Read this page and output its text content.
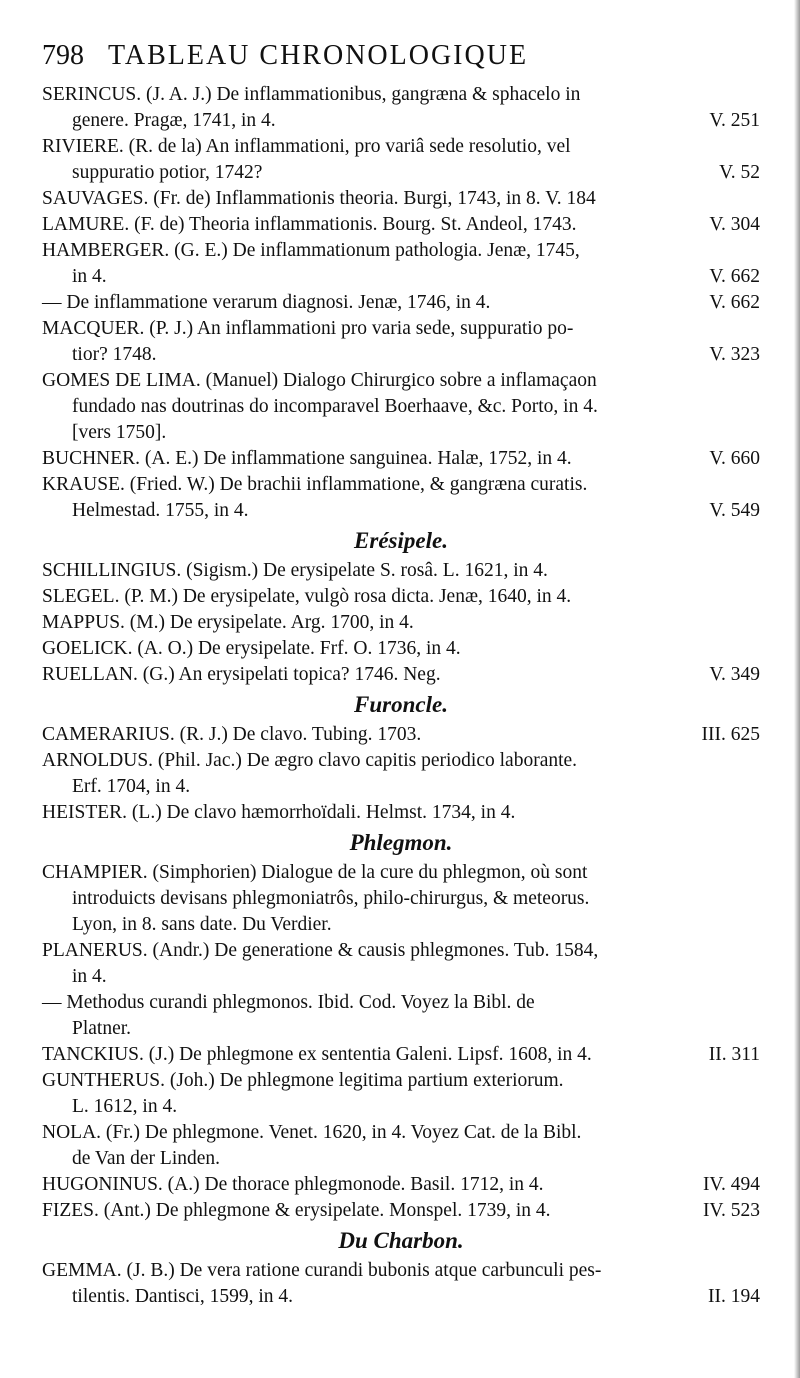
798 TABLEAU CHRONOLOGIQUE
SERINCUS. (J. A. J.) De inflammationibus, gangræna & sphacelo in
genere. Pragæ, 1741, in 4.	V. 251
RIVIERE. (R. de la) An inflammationi, pro variâ sede resolutio, vel
suppuratio potior, 1742?	V. 52
SAUVAGES. (Fr. de) Inflammationis theoria. Burgi, 1743, in 8. V. 184
LAMURE. (F. de) Theoria inflammationis. Bourg. St. Andeol, 1743.	V. 304
HAMBERGER. (G. E.) De inflammationum pathologia. Jenæ, 1745,
in 4.	V. 662
— De inflammatione verarum diagnosi. Jenæ, 1746, in 4.	V. 662
MACQUER. (P. J.) An inflammationi pro varia sede, suppuratio po-
tior? 1748.	V. 323
GOMES DE LIMA. (Manuel) Dialogo Chirurgico sobre a inflamaçaon
fundado nas doutrinas do incomparavel Boerhaave, &c. Porto, in 4.
[vers 1750].
BUCHNER. (A. E.) De inflammatione sanguinea. Halæ, 1752, in 4.	V. 660
KRAUSE. (Fried. W.) De brachii inflammatione, & gangræna curatis.
Helmestad. 1755, in 4.	V. 549
Erésipele.
SCHILLINGIUS. (Sigism.) De erysipelate S. rosâ. L. 1621, in 4.
SLEGEL. (P. M.) De erysipelate, vulgò rosa dicta. Jenæ, 1640, in 4.
MAPPUS. (M.) De erysipelate. Arg. 1700, in 4.
GOELICK. (A. O.) De erysipelate. Frf. O. 1736, in 4.
RUELLAN. (G.) An erysipelati topica? 1746. Neg.	V. 349
Furoncle.
CAMERARIUS. (R. J.) De clavo. Tubing. 1703.	III. 625
ARNOLDUS. (Phil. Jac.) De ægro clavo capitis periodico laborante.
Erf. 1704, in 4.
HEISTER. (L.) De clavo hæmorrhoïdali. Helmst. 1734, in 4.
Phlegmon.
CHAMPIER. (Simphorien) Dialogue de la cure du phlegmon, où sont
introduicts devisans phlegmoniatrôs, philo-chirurgus, & meteorus.
Lyon, in 8. sans date. Du Verdier.
PLANERUS. (Andr.) De generatione & causis phlegmones. Tub. 1584,
in 4.
— Methodus curandi phlegmonos. Ibid. Cod. Voyez la Bibl. de
Platner.
TANCKIUS. (J.) De phlegmone ex sententia Galeni. Lipsf. 1608, in 4.	II. 311
GUNTHERUS. (Joh.) De phlegmone legitima partium exteriorum.
L. 1612, in 4.
NOLA. (Fr.) De phlegmone. Venet. 1620, in 4. Voyez Cat. de la Bibl.
de Van der Linden.
HUGONINUS. (A.) De thorace phlegmonode. Basil. 1712, in 4.	IV. 494
FIZES. (Ant.) De phlegmone & erysipelate. Monspel. 1739, in 4.	IV. 523
Du Charbon.
GEMMA. (J. B.) De vera ratione curandi bubonis atque carbunculi pes-
tilentis. Dantisci, 1599, in 4.	II. 194
